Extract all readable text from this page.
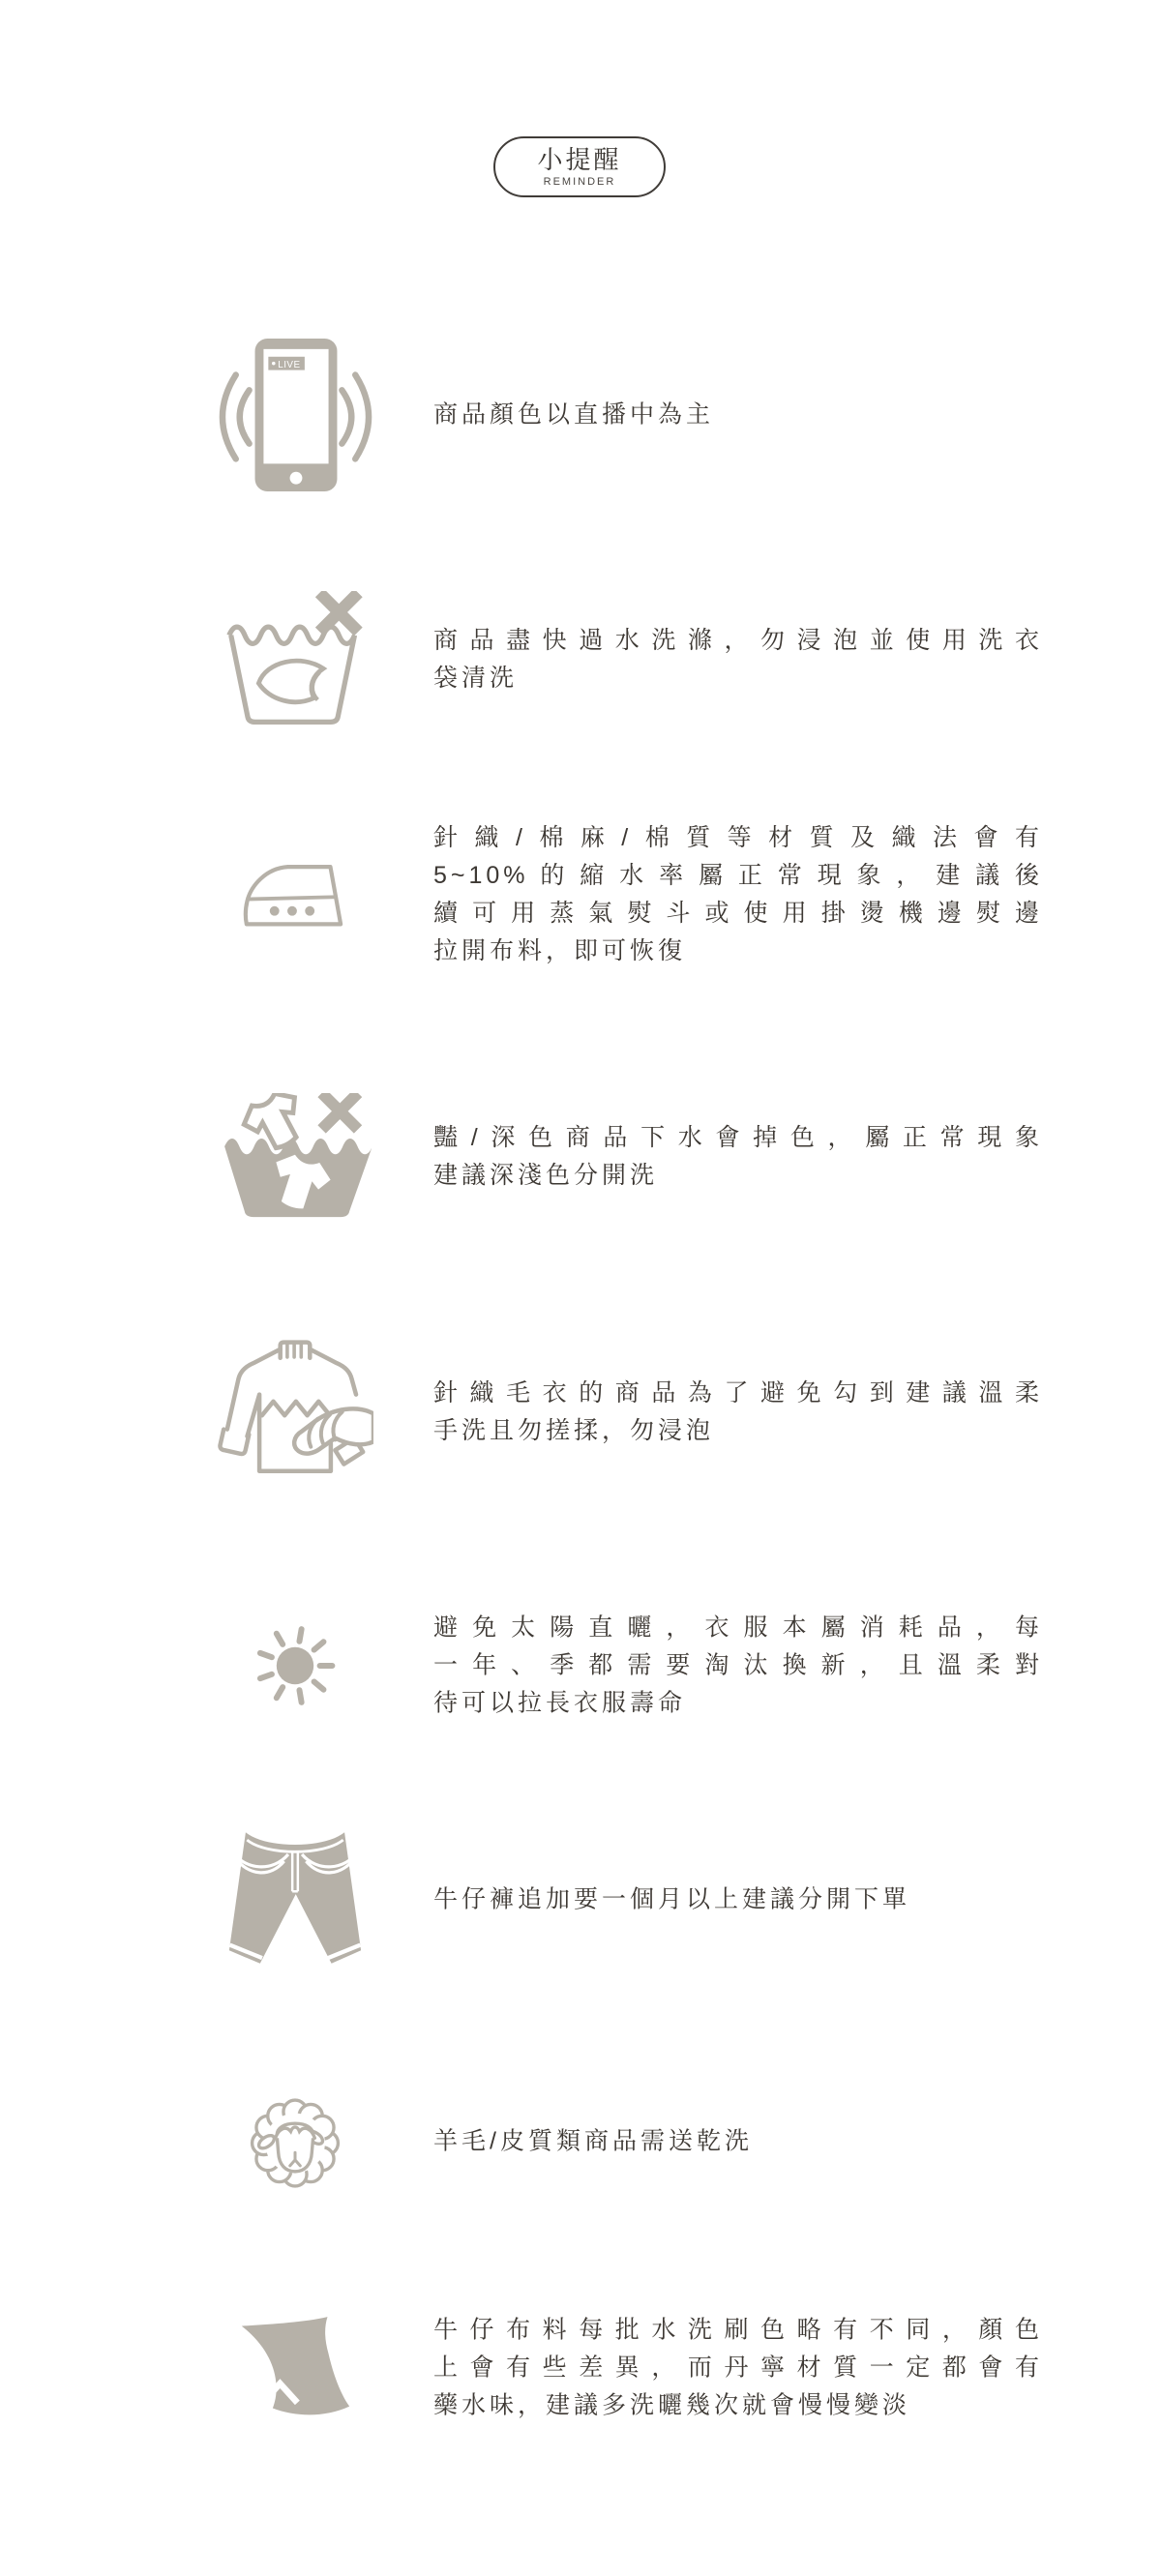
小提醒
REMINDER
LIVE
商品顏色以直播中為主
商品盡快過水洗滌，勿浸泡並使用洗衣
袋清洗
針織/棉麻/棉質等材質及織法會有
5~10%的縮水率屬正常現象，建議後
續可用蒸氣熨斗或使用掛燙機邊熨邊
拉開布料，即可恢復
豔/深色商品下水會掉色，屬正常現象
建議深淺色分開洗
針織毛衣的商品為了避免勾到建議溫柔
手洗且勿搓揉，勿浸泡
避免太陽直曬，衣服本屬消耗品，每
一年、季都需要淘汰換新，且溫柔對
待可以拉長衣服壽命
牛仔褲追加要一個月以上建議分開下單
羊毛/皮質類商品需送乾洗
牛仔布料每批水洗刷色略有不同，顏色
上會有些差異，而丹寧材質一定都會有
藥水味，建議多洗曬幾次就會慢慢變淡
